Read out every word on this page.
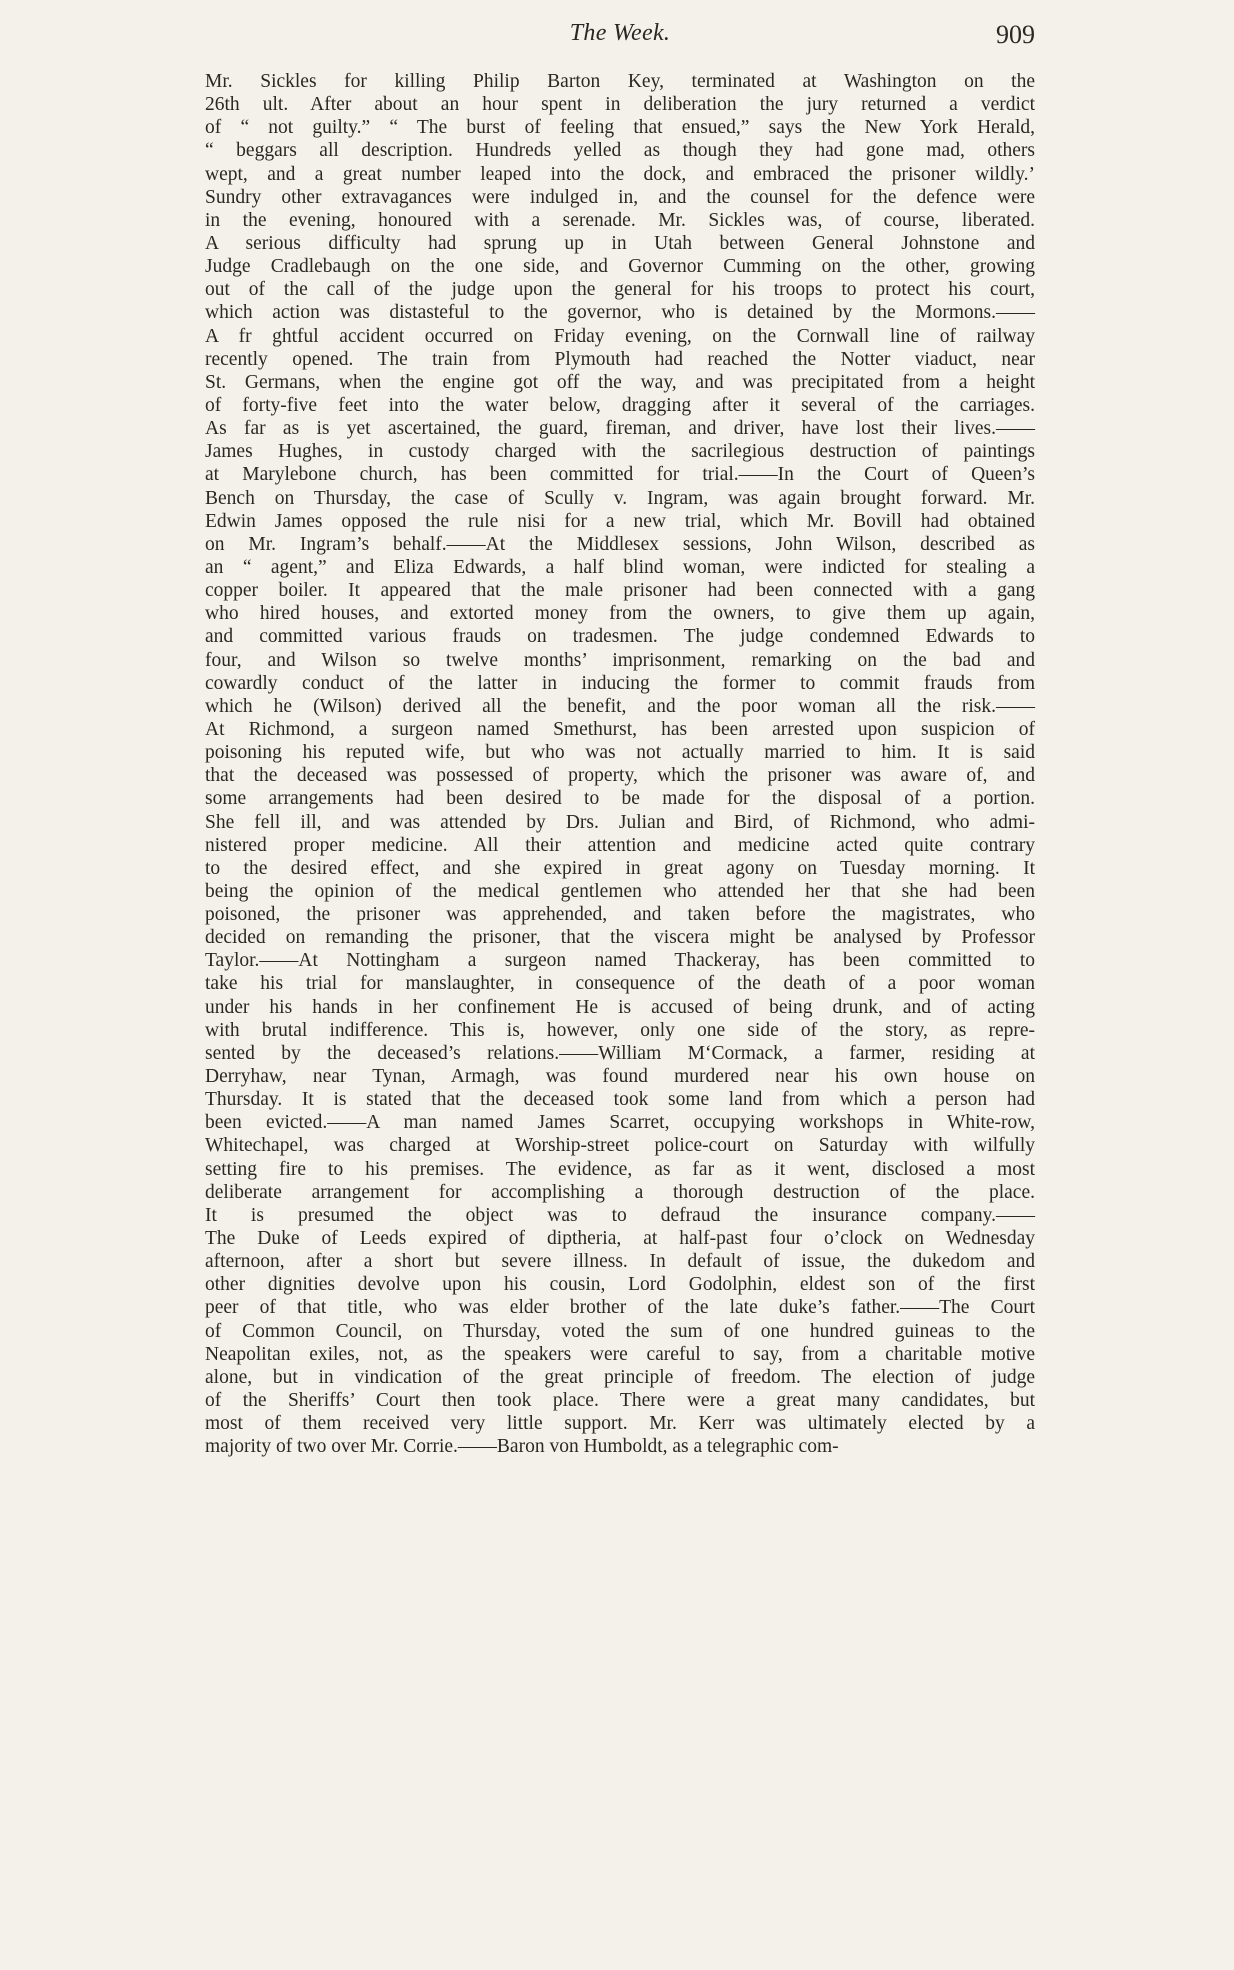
The Week.	909
Mr. Sickles for killing Philip Barton Key, terminated at Washington on the
26th ult. After about an hour spent in deliberation the jury returned a verdict
of “ not guilty.” “ The burst of feeling that ensued,” says the New York Herald,
“ beggars all description. Hundreds yelled as though they had gone mad, others
wept, and a great number leaped into the dock, and embraced the prisoner wildly.’
Sundry other extravagances were indulged in, and the counsel for the defence were
in the evening, honoured with a serenade. Mr. Sickles was, of course, liberated.
A serious difficulty had sprung up in Utah between General Johnstone and
Judge Cradlebaugh on the one side, and Governor Cumming on the other, growing
out of the call of the judge upon the general for his troops to protect his court,
which action was distasteful to the governor, who is detained by the Mormons.——
A fr ghtful accident occurred on Friday evening, on the Cornwall line of railway
recently opened. The train from Plymouth had reached the Notter viaduct, near
St. Germans, when the engine got off the way, and was precipitated from a height
of forty-five feet into the water below, dragging after it several of the carriages.
As far as is yet ascertained, the guard, fireman, and driver, have lost their lives.——
James Hughes, in custody charged with the sacrilegious destruction of paintings
at Marylebone church, has been committed for trial.——In the Court of Queen’s
Bench on Thursday, the case of Scully v. Ingram, was again brought forward. Mr.
Edwin James opposed the rule nisi for a new trial, which Mr. Bovill had obtained
on Mr. Ingram’s behalf.——At the Middlesex sessions, John Wilson, described as
an “ agent,” and Eliza Edwards, a half blind woman, were indicted for stealing a
copper boiler. It appeared that the male prisoner had been connected with a gang
who hired houses, and extorted money from the owners, to give them up again,
and committed various frauds on tradesmen. The judge condemned Edwards to
four, and Wilson so twelve months’ imprisonment, remarking on the bad and
cowardly conduct of the latter in inducing the former to commit frauds from
which he (Wilson) derived all the benefit, and the poor woman all the risk.——
At Richmond, a surgeon named Smethurst, has been arrested upon suspicion of
poisoning his reputed wife, but who was not actually married to him. It is said
that the deceased was possessed of property, which the prisoner was aware of, and
some arrangements had been desired to be made for the disposal of a portion.
She fell ill, and was attended by Drs. Julian and Bird, of Richmond, who admi-
nistered proper medicine. All their attention and medicine acted quite contrary
to the desired effect, and she expired in great agony on Tuesday morning. It
being the opinion of the medical gentlemen who attended her that she had been
poisoned, the prisoner was apprehended, and taken before the magistrates, who
decided on remanding the prisoner, that the viscera might be analysed by Professor
Taylor.——At Nottingham a surgeon named Thackeray, has been committed to
take his trial for manslaughter, in consequence of the death of a poor woman
under his hands in her confinement He is accused of being drunk, and of acting
with brutal indifference. This is, however, only one side of the story, as repre-
sented by the deceased’s relations.——William M‘Cormack, a farmer, residing at
Derryhaw, near Tynan, Armagh, was found murdered near his own house on
Thursday. It is stated that the deceased took some land from which a person had
been evicted.——A man named James Scarret, occupying workshops in White-row,
Whitechapel, was charged at Worship-street police-court on Saturday with wilfully
setting fire to his premises. The evidence, as far as it went, disclosed a most
deliberate arrangement for accomplishing a thorough destruction of the place.
It is presumed the object was to defraud the insurance company.——
The Duke of Leeds expired of diptheria, at half-past four o’clock on Wednesday
afternoon, after a short but severe illness. In default of issue, the dukedom and
other dignities devolve upon his cousin, Lord Godolphin, eldest son of the first
peer of that title, who was elder brother of the late duke’s father.——The Court
of Common Council, on Thursday, voted the sum of one hundred guineas to the
Neapolitan exiles, not, as the speakers were careful to say, from a charitable motive
alone, but in vindication of the great principle of freedom. The election of judge
of the Sheriffs’ Court then took place. There were a great many candidates, but
most of them received very little support. Mr. Kerr was ultimately elected by a
majority of two over Mr. Corrie.——Baron von Humboldt, as a telegraphic com-
